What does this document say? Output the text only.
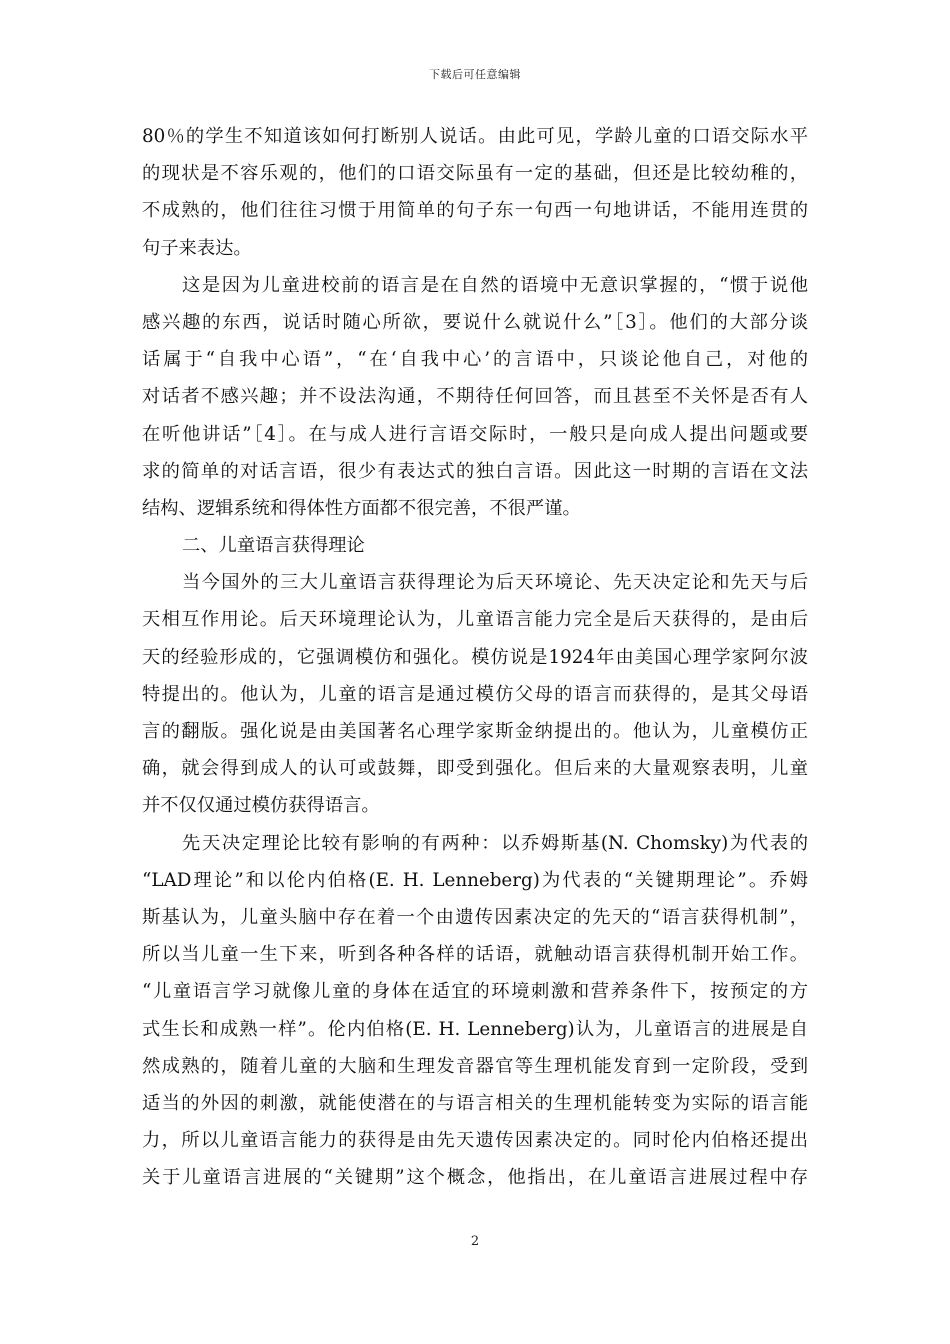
下载后可任意编辑
80％的学生不知道该如何打断别人说话。由此可见，学龄儿童的口语交际水平
的现状是不容乐观的，他们的口语交际虽有一定的基础，但还是比较幼稚的，
不成熟的，他们往往习惯于用简单的句子东一句西一句地讲话，不能用连贯的
句子来表达。
这是因为儿童进校前的语言是在自然的语境中无意识掌握的，“惯于说他
感兴趣的东西，说话时随心所欲，要说什么就说什么”［3］。他们的大部分谈
话属于“自我中心语”，“在‘自我中心’的言语中，只谈论他自己，对他的
对话者不感兴趣；并不设法沟通，不期待任何回答，而且甚至不关怀是否有人
在听他讲话”［4］。在与成人进行言语交际时，一般只是向成人提出问题或要
求的简单的对话言语，很少有表达式的独白言语。因此这一时期的言语在文法
结构、逻辑系统和得体性方面都不很完善，不很严谨。
二、儿童语言获得理论
当今国外的三大儿童语言获得理论为后天环境论、先天决定论和先天与后
天相互作用论。后天环境理论认为，儿童语言能力完全是后天获得的，是由后
天的经验形成的，它强调模仿和强化。模仿说是1924年由美国心理学家阿尔波
特提出的。他认为，儿童的语言是通过模仿父母的语言而获得的，是其父母语
言的翻版。强化说是由美国著名心理学家斯金纳提出的。他认为，儿童模仿正
确，就会得到成人的认可或鼓舞，即受到强化。但后来的大量观察表明，儿童
并不仅仅通过模仿获得语言。
先天决定理论比较有影响的有两种：以乔姆斯基(N. Chomsky)为代表的
“LAD理论”和以伦内伯格(E. H. Lenneberg)为代表的“关键期理论”。乔姆
斯基认为，儿童头脑中存在着一个由遗传因素决定的先天的“语言获得机制”，
所以当儿童一生下来，听到各种各样的话语，就触动语言获得机制开始工作。
“儿童语言学习就像儿童的身体在适宜的环境刺激和营养条件下，按预定的方
式生长和成熟一样”。伦内伯格(E. H. Lenneberg)认为，儿童语言的进展是自
然成熟的，随着儿童的大脑和生理发音器官等生理机能发育到一定阶段，受到
适当的外因的刺激，就能使潜在的与语言相关的生理机能转变为实际的语言能
力，所以儿童语言能力的获得是由先天遗传因素决定的。同时伦内伯格还提出
关于儿童语言进展的“关键期”这个概念，他指出，在儿童语言进展过程中存
2
